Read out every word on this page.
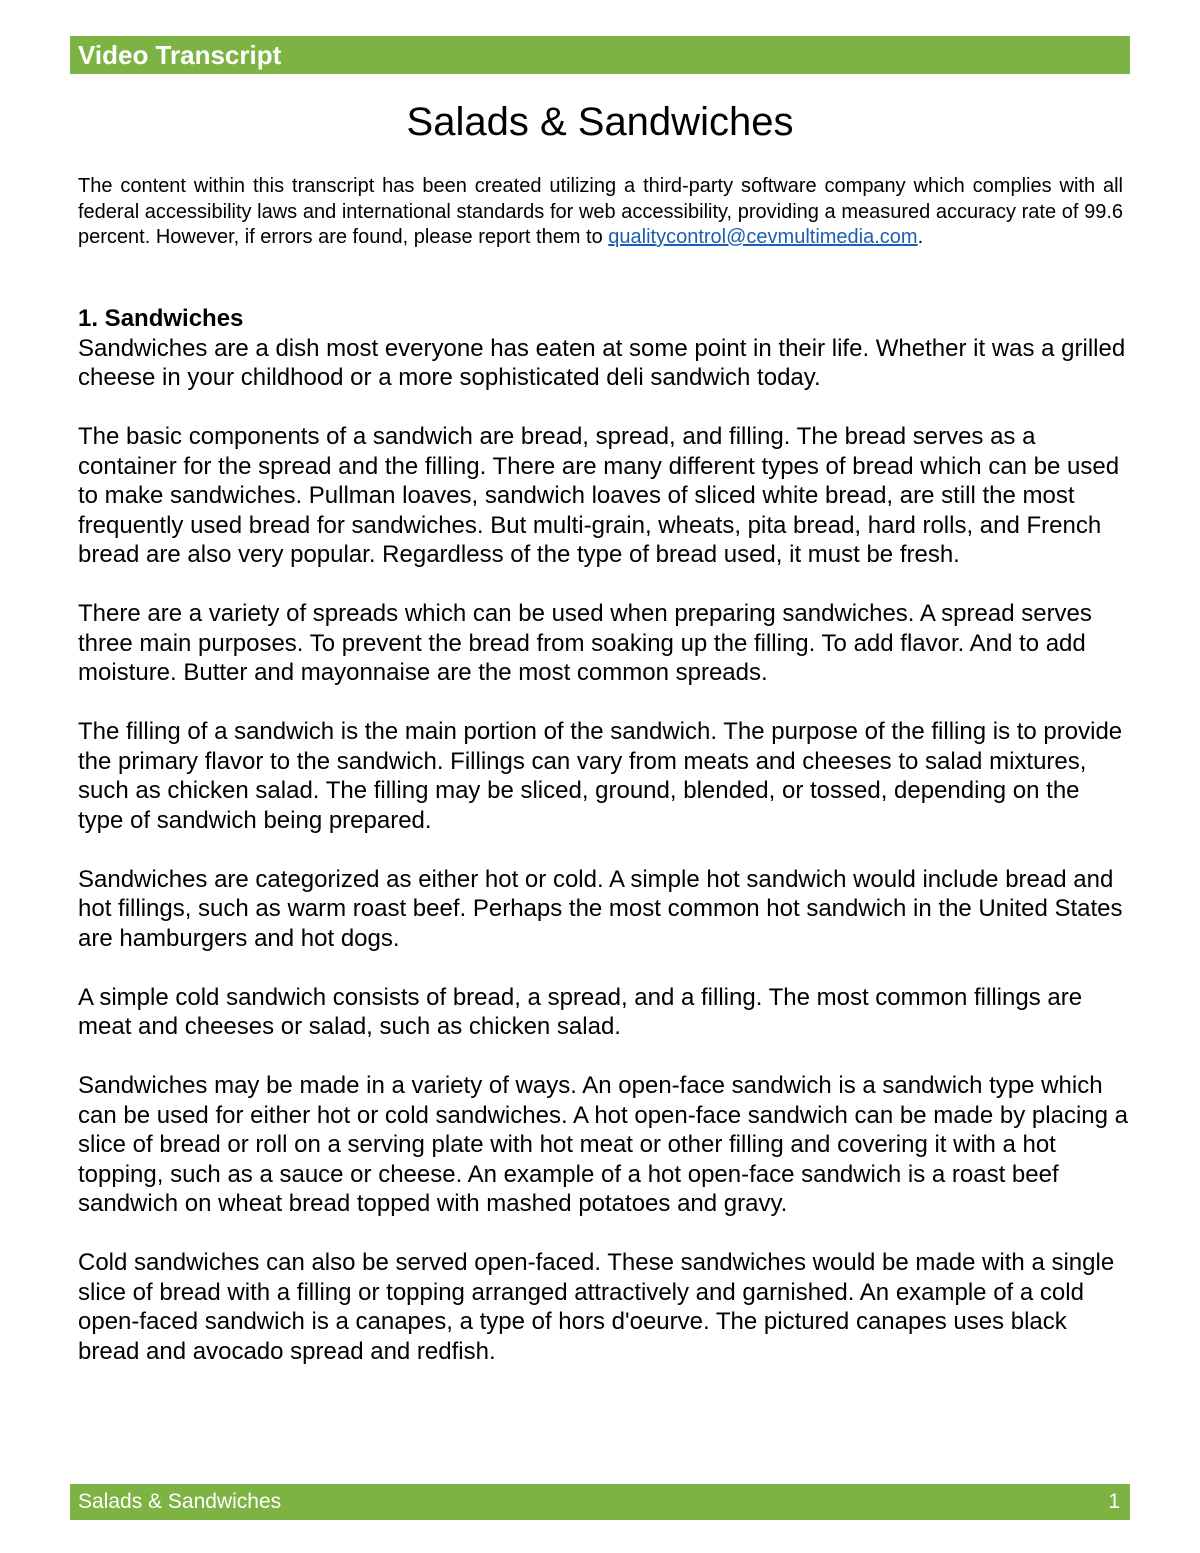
Video Transcript
Salads & Sandwiches

The content within this transcript has been created utilizing a third-party software company which complies with all federal accessibility laws and international standards for web accessibility, providing a measured accuracy rate of 99.6 percent. However, if errors are found, please report them to qualitycontrol@cevmultimedia.com.

1. Sandwiches

Sandwiches are a dish most everyone has eaten at some point in their life. Whether it was a grilled cheese in your childhood or a more sophisticated deli sandwich today.

The basic components of a sandwich are bread, spread, and filling. The bread serves as a container for the spread and the filling. There are many different types of bread which can be used to make sandwiches. Pullman loaves, sandwich loaves of sliced white bread, are still the most frequently used bread for sandwiches. But multi-grain, wheats, pita bread, hard rolls, and French bread are also very popular. Regardless of the type of bread used, it must be fresh.

There are a variety of spreads which can be used when preparing sandwiches. A spread serves three main purposes. To prevent the bread from soaking up the filling. To add flavor. And to add moisture. Butter and mayonnaise are the most common spreads.

The filling of a sandwich is the main portion of the sandwich. The purpose of the filling is to provide the primary flavor to the sandwich. Fillings can vary from meats and cheeses to salad mixtures, such as chicken salad. The filling may be sliced, ground, blended, or tossed, depending on the type of sandwich being prepared.

Sandwiches are categorized as either hot or cold. A simple hot sandwich would include bread and hot fillings, such as warm roast beef. Perhaps the most common hot sandwich in the United States are hamburgers and hot dogs.

A simple cold sandwich consists of bread, a spread, and a filling. The most common fillings are meat and cheeses or salad, such as chicken salad.

Sandwiches may be made in a variety of ways. An open-face sandwich is a sandwich type which can be used for either hot or cold sandwiches. A hot open-face sandwich can be made by placing a slice of bread or roll on a serving plate with hot meat or other filling and covering it with a hot topping, such as a sauce or cheese. An example of a hot open-face sandwich is a roast beef sandwich on wheat bread topped with mashed potatoes and gravy.

Cold sandwiches can also be served open-faced. These sandwiches would be made with a single slice of bread with a filling or topping arranged attractively and garnished. An example of a cold open-faced sandwich is a canapes, a type of hors d'oeurve. The pictured canapes uses black bread and avocado spread and redfish.

Salads & Sandwiches	1
